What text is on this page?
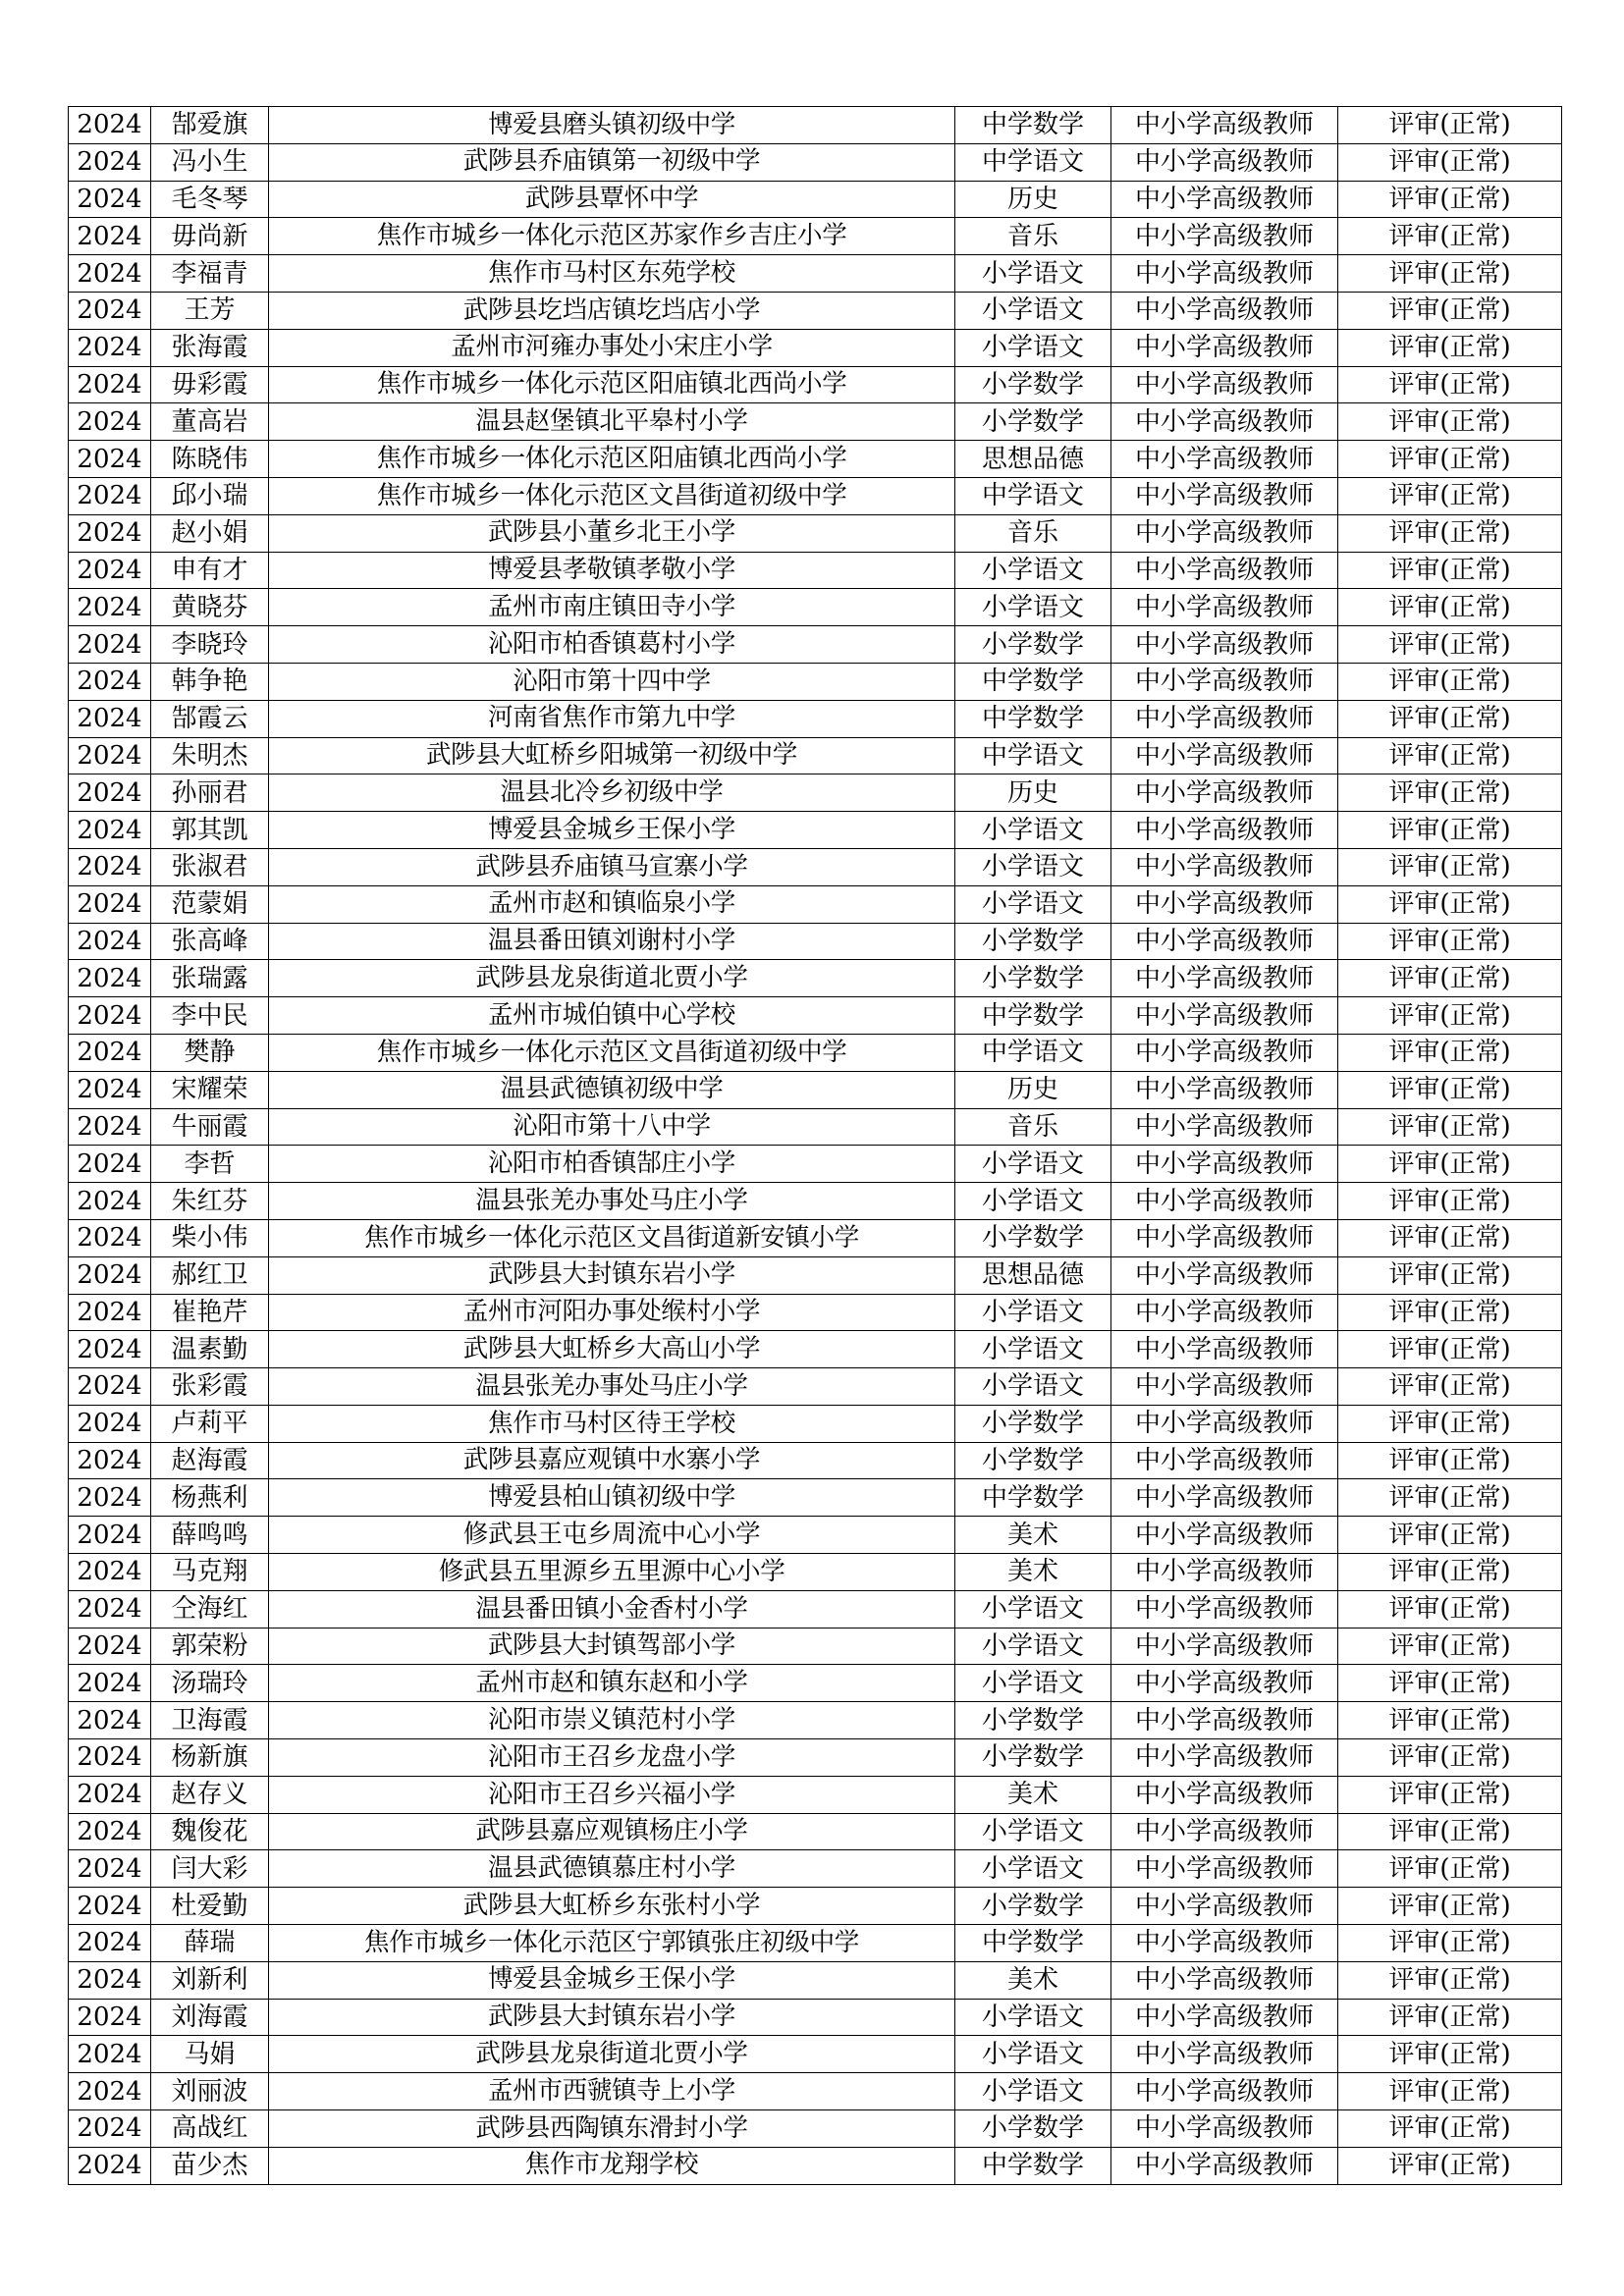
2024	郜爱旗	博爱县磨头镇初级中学	中学数学	中小学高级教师	评审(正常)
2024	冯小生	武陟县乔庙镇第一初级中学	中学语文	中小学高级教师	评审(正常)
2024	毛冬琴	武陟县覃怀中学	历史	中小学高级教师	评审(正常)
2024	毋尚新	焦作市城乡一体化示范区苏家作乡吉庄小学	音乐	中小学高级教师	评审(正常)
2024	李福青	焦作市马村区东苑学校	小学语文	中小学高级教师	评审(正常)
2024	王芳	武陟县圪垱店镇圪垱店小学	小学语文	中小学高级教师	评审(正常)
2024	张海霞	孟州市河雍办事处小宋庄小学	小学语文	中小学高级教师	评审(正常)
2024	毋彩霞	焦作市城乡一体化示范区阳庙镇北西尚小学	小学数学	中小学高级教师	评审(正常)
2024	董高岩	温县赵堡镇北平皋村小学	小学数学	中小学高级教师	评审(正常)
2024	陈晓伟	焦作市城乡一体化示范区阳庙镇北西尚小学	思想品德	中小学高级教师	评审(正常)
2024	邱小瑞	焦作市城乡一体化示范区文昌街道初级中学	中学语文	中小学高级教师	评审(正常)
2024	赵小娟	武陟县小董乡北王小学	音乐	中小学高级教师	评审(正常)
2024	申有才	博爱县孝敬镇孝敬小学	小学语文	中小学高级教师	评审(正常)
2024	黄晓芬	孟州市南庄镇田寺小学	小学语文	中小学高级教师	评审(正常)
2024	李晓玲	沁阳市柏香镇葛村小学	小学数学	中小学高级教师	评审(正常)
2024	韩争艳	沁阳市第十四中学	中学数学	中小学高级教师	评审(正常)
2024	郜霞云	河南省焦作市第九中学	中学数学	中小学高级教师	评审(正常)
2024	朱明杰	武陟县大虹桥乡阳城第一初级中学	中学语文	中小学高级教师	评审(正常)
2024	孙丽君	温县北冷乡初级中学	历史	中小学高级教师	评审(正常)
2024	郭其凯	博爱县金城乡王保小学	小学语文	中小学高级教师	评审(正常)
2024	张淑君	武陟县乔庙镇马宣寨小学	小学语文	中小学高级教师	评审(正常)
2024	范蒙娟	孟州市赵和镇临泉小学	小学语文	中小学高级教师	评审(正常)
2024	张高峰	温县番田镇刘谢村小学	小学数学	中小学高级教师	评审(正常)
2024	张瑞露	武陟县龙泉街道北贾小学	小学数学	中小学高级教师	评审(正常)
2024	李中民	孟州市城伯镇中心学校	中学数学	中小学高级教师	评审(正常)
2024	樊静	焦作市城乡一体化示范区文昌街道初级中学	中学语文	中小学高级教师	评审(正常)
2024	宋耀荣	温县武德镇初级中学	历史	中小学高级教师	评审(正常)
2024	牛丽霞	沁阳市第十八中学	音乐	中小学高级教师	评审(正常)
2024	李哲	沁阳市柏香镇郜庄小学	小学语文	中小学高级教师	评审(正常)
2024	朱红芬	温县张羌办事处马庄小学	小学语文	中小学高级教师	评审(正常)
2024	柴小伟	焦作市城乡一体化示范区文昌街道新安镇小学	小学数学	中小学高级教师	评审(正常)
2024	郝红卫	武陟县大封镇东岩小学	思想品德	中小学高级教师	评审(正常)
2024	崔艳芹	孟州市河阳办事处缑村小学	小学语文	中小学高级教师	评审(正常)
2024	温素勤	武陟县大虹桥乡大高山小学	小学语文	中小学高级教师	评审(正常)
2024	张彩霞	温县张羌办事处马庄小学	小学语文	中小学高级教师	评审(正常)
2024	卢莉平	焦作市马村区待王学校	小学数学	中小学高级教师	评审(正常)
2024	赵海霞	武陟县嘉应观镇中水寨小学	小学数学	中小学高级教师	评审(正常)
2024	杨燕利	博爱县柏山镇初级中学	中学数学	中小学高级教师	评审(正常)
2024	薛鸣鸣	修武县王屯乡周流中心小学	美术	中小学高级教师	评审(正常)
2024	马克翔	修武县五里源乡五里源中心小学	美术	中小学高级教师	评审(正常)
2024	仝海红	温县番田镇小金香村小学	小学语文	中小学高级教师	评审(正常)
2024	郭荣粉	武陟县大封镇驾部小学	小学语文	中小学高级教师	评审(正常)
2024	汤瑞玲	孟州市赵和镇东赵和小学	小学语文	中小学高级教师	评审(正常)
2024	卫海霞	沁阳市崇义镇范村小学	小学数学	中小学高级教师	评审(正常)
2024	杨新旗	沁阳市王召乡龙盘小学	小学数学	中小学高级教师	评审(正常)
2024	赵存义	沁阳市王召乡兴福小学	美术	中小学高级教师	评审(正常)
2024	魏俊花	武陟县嘉应观镇杨庄小学	小学语文	中小学高级教师	评审(正常)
2024	闫大彩	温县武德镇慕庄村小学	小学语文	中小学高级教师	评审(正常)
2024	杜爱勤	武陟县大虹桥乡东张村小学	小学数学	中小学高级教师	评审(正常)
2024	薛瑞	焦作市城乡一体化示范区宁郭镇张庄初级中学	中学数学	中小学高级教师	评审(正常)
2024	刘新利	博爱县金城乡王保小学	美术	中小学高级教师	评审(正常)
2024	刘海霞	武陟县大封镇东岩小学	小学语文	中小学高级教师	评审(正常)
2024	马娟	武陟县龙泉街道北贾小学	小学语文	中小学高级教师	评审(正常)
2024	刘丽波	孟州市西虢镇寺上小学	小学语文	中小学高级教师	评审(正常)
2024	高战红	武陟县西陶镇东滑封小学	小学数学	中小学高级教师	评审(正常)
2024	苗少杰	焦作市龙翔学校	中学数学	中小学高级教师	评审(正常)
